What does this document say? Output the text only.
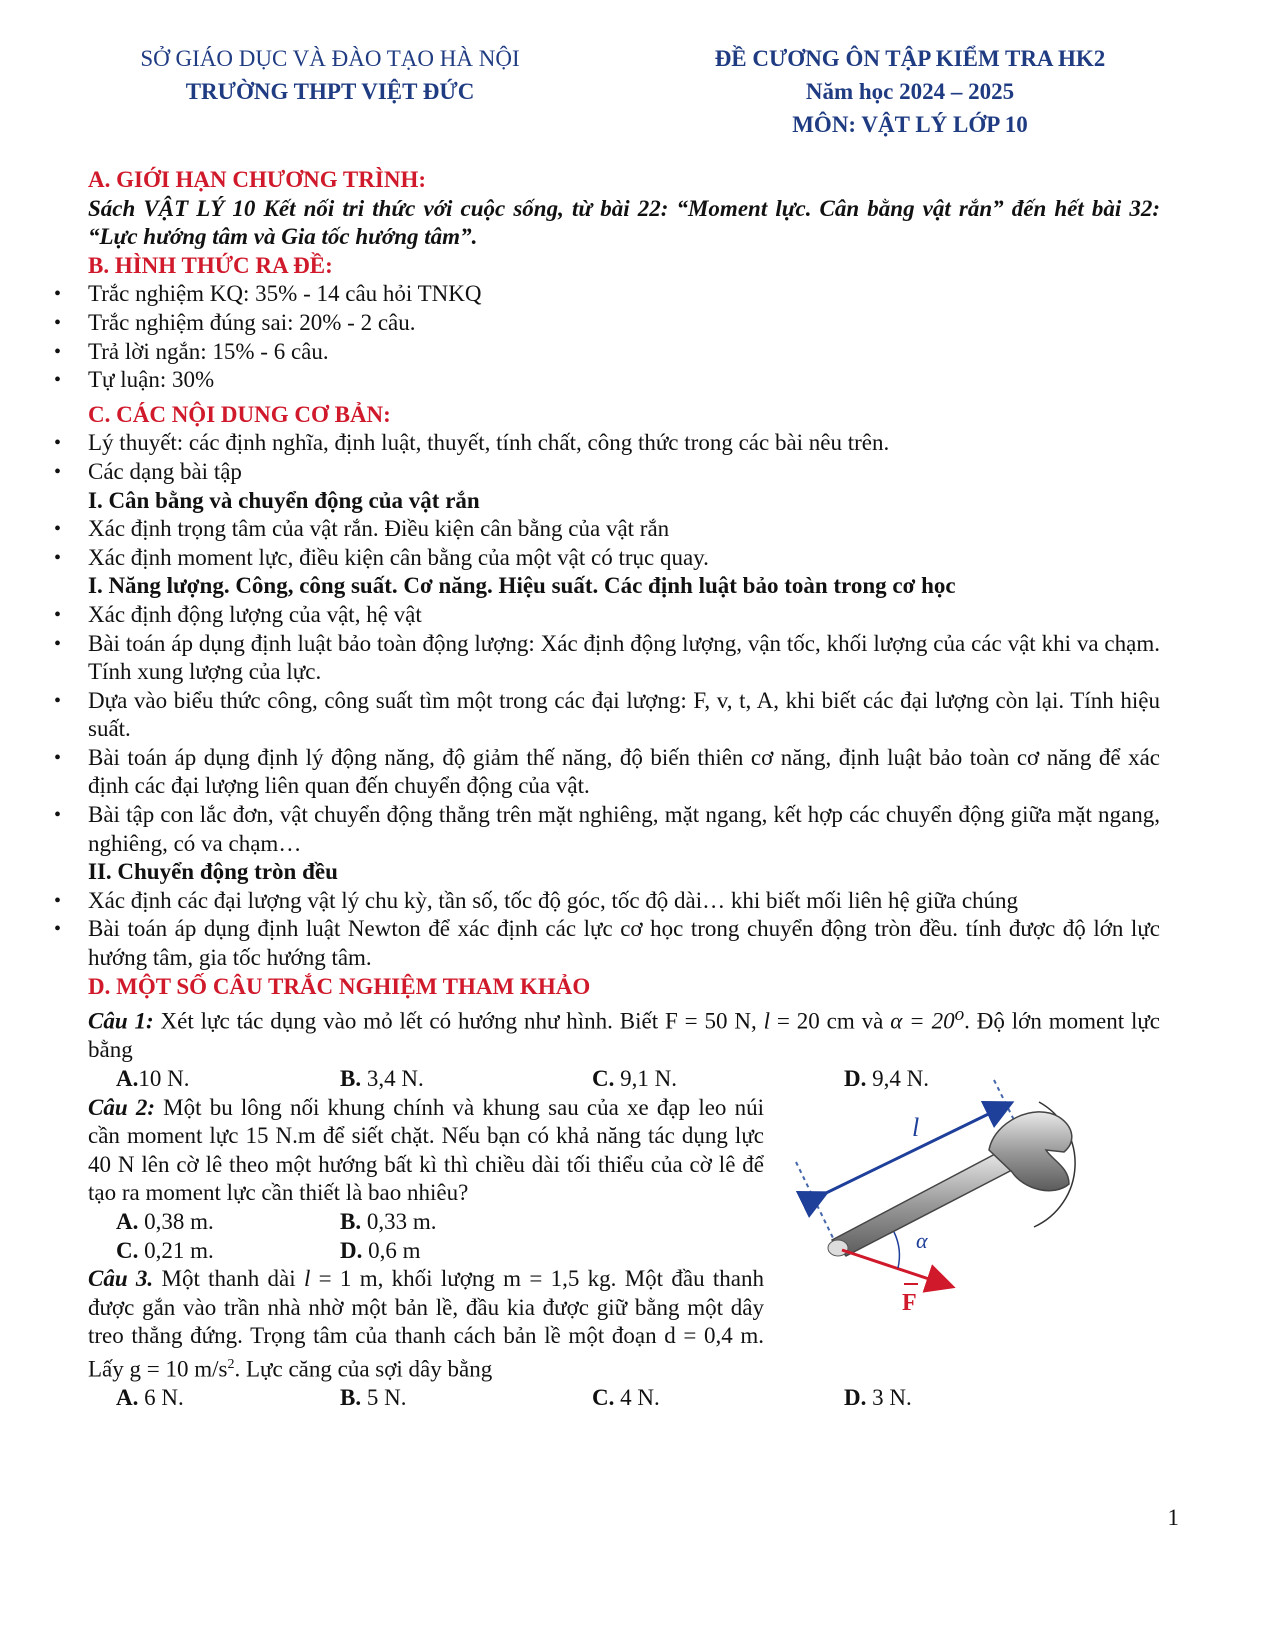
SỞ GIÁO DỤC VÀ ĐÀO TẠO HÀ NỘI
TRƯỜNG THPT VIỆT ĐỨC
ĐỀ CƯƠNG ÔN TẬP KIỂM TRA HK2
Năm học 2024 – 2025
MÔN: VẬT LÝ LỚP 10
A. GIỚI HẠN CHƯƠNG TRÌNH:
Sách VẬT LÝ 10 Kết nối tri thức với cuộc sống, từ bài 22: “Moment lực. Cân bằng vật rắn” đến hết bài 32: “Lực hướng tâm và Gia tốc hướng tâm”.
B. HÌNH THỨC RA ĐỀ:
• Trắc nghiệm KQ: 35% - 14 câu hỏi TNKQ
• Trắc nghiệm đúng sai: 20% - 2 câu.
• Trả lời ngắn: 15% - 6 câu.
• Tự luận: 30%
C. CÁC NỘI DUNG CƠ BẢN:
• Lý thuyết: các định nghĩa, định luật, thuyết, tính chất, công thức trong các bài nêu trên.
• Các dạng bài tập
I. Cân bằng và chuyển động của vật rắn
• Xác định trọng tâm của vật rắn. Điều kiện cân bằng của vật rắn
• Xác định moment lực, điều kiện cân bằng của một vật có trục quay.
I. Năng lượng. Công, công suất. Cơ năng. Hiệu suất. Các định luật bảo toàn trong cơ học
• Xác định động lượng của vật, hệ vật
• Bài toán áp dụng định luật bảo toàn động lượng: Xác định động lượng, vận tốc, khối lượng của các vật khi va chạm. Tính xung lượng của lực.
• Dựa vào biểu thức công, công suất tìm một trong các đại lượng: F, v, t, A, khi biết các đại lượng còn lại. Tính hiệu suất.
• Bài toán áp dụng định lý động năng, độ giảm thế năng, độ biến thiên cơ năng, định luật bảo toàn cơ năng để xác định các đại lượng liên quan đến chuyển động của vật.
• Bài tập con lắc đơn, vật chuyển động thẳng trên mặt nghiêng, mặt ngang, kết hợp các chuyển động giữa mặt ngang, nghiêng, có va chạm…
II. Chuyển động tròn đều
• Xác định các đại lượng vật lý chu kỳ, tần số, tốc độ góc, tốc độ dài… khi biết mối liên hệ giữa chúng
• Bài toán áp dụng định luật Newton để xác định các lực cơ học trong chuyển động tròn đều. tính được độ lớn lực hướng tâm, gia tốc hướng tâm.
D. MỘT SỐ CÂU TRẮC NGHIỆM THAM KHẢO
Câu 1: Xét lực tác dụng vào mỏ lết có hướng như hình. Biết F = 50 N, l = 20 cm và $\alpha = 20^o$. Độ lớn moment lực bằng
A.10 N.	B. 3,4 N.	C. 9,1 N.	D. 9,4 N.
Câu 2: Một bu lông nối khung chính và khung sau của xe đạp leo núi cần moment lực 15 N.m để siết chặt. Nếu bạn có khả năng tác dụng lực 40 N lên cờ lê theo một hướng bất kì thì chiều dài tối thiểu của cờ lê để tạo ra moment lực cần thiết là bao nhiêu?
A. 0,38 m.	B. 0,33 m.
C. 0,21 m.	D. 0,6 m
Câu 3. Một thanh dài l = 1 m, khối lượng m = 1,5 kg. Một đầu thanh được gắn vào trần nhà nhờ một bản lề, đầu kia được giữ bằng một dây treo thẳng đứng. Trọng tâm của thanh cách bản lề một đoạn d = 0,4 m. Lấy g = 10 $m/s^2$. Lực căng của sợi dây bằng
A. 6 N.	B. 5 N.	C. 4 N.	D. 3 N.
l
α
F
1
